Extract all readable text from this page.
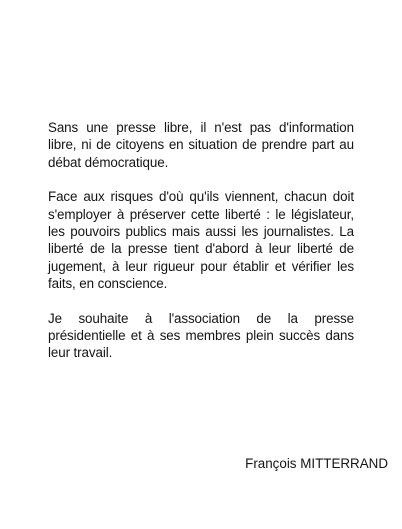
Sans une presse libre, il n'est pas d'information libre, ni de citoyens en situation de prendre part au débat démocratique.

Face aux risques d'où qu'ils viennent, chacun doit s'employer à préserver cette liberté : le législateur, les pouvoirs publics mais aussi les journalistes. La liberté de la presse tient d'abord à leur liberté de jugement, à leur rigueur pour établir et vérifier les faits, en conscience.

Je souhaite à l'association de la presse présidentielle et à ses membres plein succès dans leur travail.

François MITTERRAND
